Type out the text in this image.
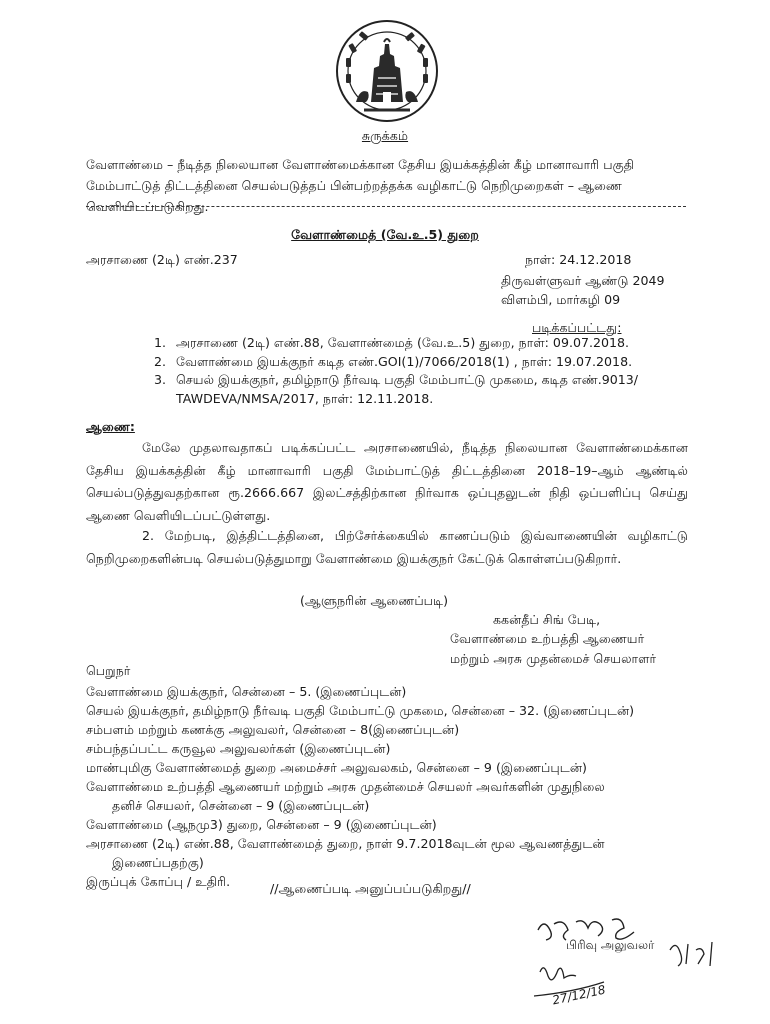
சுருக்கம்
வேளாண்மை – நீடித்த நிலையான வேளாண்மைக்கான தேசிய இயக்கத்தின் கீழ் மானாவாரி பகுதி மேம்பாட்டுத் திட்டத்தினை செயல்படுத்தப் பின்பற்றத்தக்க வழிகாட்டு நெறிமுறைகள் – ஆணை வெளியிடப்படுகிறது.
வேளாண்மைத் (வே.உ.5) துறை
அரசாணை (2டி) எண்.237	நாள்: 24.12.2018
திருவள்ளுவர் ஆண்டு 2049
விளம்பி, மார்கழி 09
படிக்கப்பட்டது:
1. அரசாணை (2டி) எண்.88, வேளாண்மைத் (வே.உ.5) துறை, நாள்: 09.07.2018.
2. வேளாண்மை இயக்குநர் கடித எண்.GOI(1)/7066/2018(1) , நாள்: 19.07.2018.
3. செயல் இயக்குநர், தமிழ்நாடு நீர்வடி பகுதி மேம்பாட்டு முகமை, கடித எண்.9013/ TAWDEVA/NMSA/2017, நாள்: 12.11.2018.
ஆணை:
மேலே முதலாவதாகப் படிக்கப்பட்ட அரசாணையில், நீடித்த நிலையான வேளாண்மைக்கான தேசிய இயக்கத்தின் கீழ் மானாவாரி பகுதி மேம்பாட்டுத் திட்டத்தினை 2018–19–ஆம் ஆண்டில் செயல்படுத்துவதற்கான ரூ.2666.667 இலட்சத்திற்கான நிர்வாக ஒப்புதலுடன் நிதி ஒப்பளிப்பு செய்து ஆணை வெளியிடப்பட்டுள்ளது.
2. மேற்படி, இத்திட்டத்தினை, பிற்சேர்க்கையில் காணப்படும் இவ்வாணையின் வழிகாட்டு நெறிமுறைகளின்படி செயல்படுத்துமாறு வேளாண்மை இயக்குநர் கேட்டுக் கொள்ளப்படுகிறார்.
(ஆளுநரின் ஆணைப்படி)
ககன்தீப் சிங் பேடி,
வேளாண்மை உற்பத்தி ஆணையர்
மற்றும் அரசு முதன்மைச் செயலாளர்
பெறுநர்
வேளாண்மை இயக்குநர், சென்னை – 5. (இணைப்புடன்)
செயல் இயக்குநர், தமிழ்நாடு நீர்வடி பகுதி மேம்பாட்டு முகமை, சென்னை – 32. (இணைப்புடன்)
சம்பளம் மற்றும் கணக்கு அலுவலர், சென்னை – 8(இணைப்புடன்)
சம்பந்தப்பட்ட கருவூல அலுவலர்கள் (இணைப்புடன்)
மாண்புமிகு வேளாண்மைத் துறை அமைச்சர் அலுவலகம், சென்னை – 9 (இணைப்புடன்)
வேளாண்மை உற்பத்தி ஆணையர் மற்றும் அரசு முதன்மைச் செயலர் அவர்களின் முதுநிலை
தனிச் செயலர், சென்னை – 9 (இணைப்புடன்)
வேளாண்மை (ஆநமு3) துறை, சென்னை – 9 (இணைப்புடன்)
அரசாணை (2டி) எண்.88, வேளாண்மைத் துறை, நாள் 9.7.2018வுடன் மூல ஆவணத்துடன்
இணைப்பதற்கு)
இருப்புக் கோப்பு / உதிரி.	//ஆணைப்படி அனுப்பப்படுகிறது//
பிரிவு அலுவலர்
27/12/18
